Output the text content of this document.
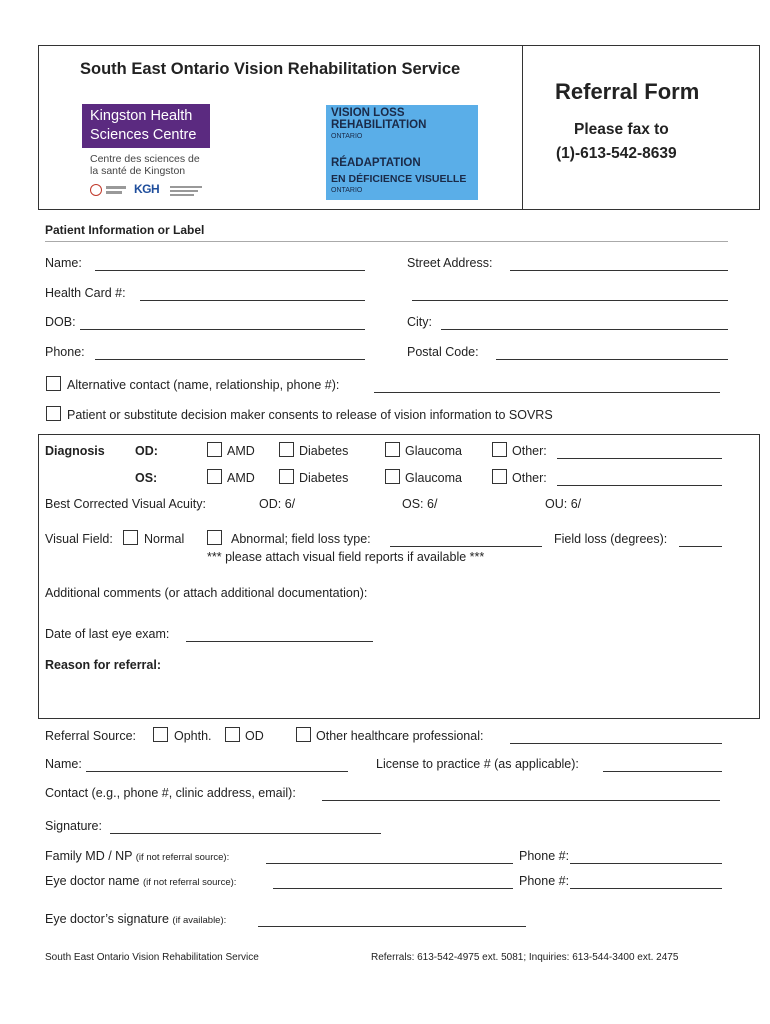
South East Ontario Vision Rehabilitation Service
Kingston Health
Sciences Centre
Centre des sciences de
la santé de Kingston
KGH
VISION LOSS
REHABILITATION
ONTARIO
RÉADAPTATION
EN DÉFICIENCE VISUELLE
ONTARIO
Referral Form
Please fax to
(1)-613-542-8639
Patient Information or Label
Name:	Street Address:
Health Card #:
DOB:	City:
Phone:	Postal Code:
Alternative contact (name, relationship, phone #):
Patient or substitute decision maker consents to release of vision information to SOVRS
Diagnosis OD:	AMD	Diabetes	Glaucoma	Other:
OS:	AMD	Diabetes	Glaucoma	Other:
Best Corrected Visual Acuity:	OD: 6/	OS: 6/	OU: 6/
Visual Field: Normal	Abnormal; field loss type:	Field loss (degrees):
*** please attach visual field reports if available ***
Additional comments (or attach additional documentation):
Date of last eye exam:
Reason for referral:
Referral Source:	Ophth.	OD	Other healthcare professional:
Name:	License to practice # (as applicable):
Contact (e.g., phone #, clinic address, email):
Signature:
Family MD / NP (if not referral source):	Phone #:
Eye doctor name (if not referral source):	Phone #:
Eye doctor’s signature (if available):
South East Ontario Vision Rehabilitation Service	Referrals: 613-542-4975 ext. 5081; Inquiries: 613-544-3400 ext. 2475
